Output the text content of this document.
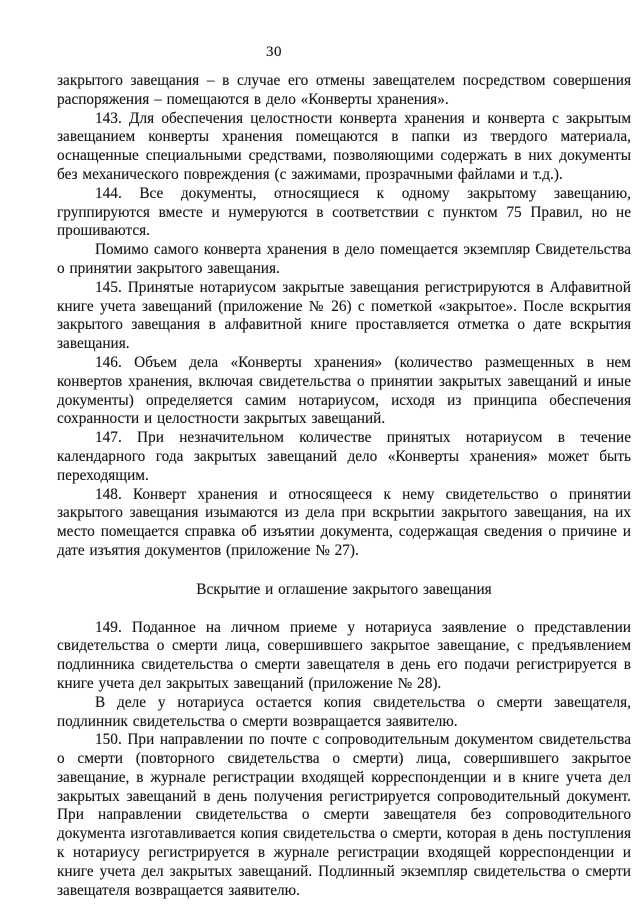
30

закрытого завещания – в случае его отмены завещателем посредством совершения распоряжения – помещаются в дело «Конверты хранения».

143. Для обеспечения целостности конверта хранения и конверта с закрытым завещанием конверты хранения помещаются в папки из твердого материала, оснащенные специальными средствами, позволяющими содержать в них документы без механического повреждения (с зажимами, прозрачными файлами и т.д.).

144. Все документы, относящиеся к одному закрытому завещанию, группируются вместе и нумеруются в соответствии с пунктом 75 Правил, но не прошиваются.

Помимо самого конверта хранения в дело помещается экземпляр Свидетельства о принятии закрытого завещания.

145. Принятые нотариусом закрытые завещания регистрируются в Алфавитной книге учета завещаний (приложение № 26) с пометкой «закрытое». После вскрытия закрытого завещания в алфавитной книге проставляется отметка о дате вскрытия завещания.

146. Объем дела «Конверты хранения» (количество размещенных в нем конвертов хранения, включая свидетельства о принятии закрытых завещаний и иные документы) определяется самим нотариусом, исходя из принципа обеспечения сохранности и целостности закрытых завещаний.

147. При незначительном количестве принятых нотариусом в течение календарного года закрытых завещаний дело «Конверты хранения» может быть переходящим.

148. Конверт хранения и относящееся к нему свидетельство о принятии закрытого завещания изымаются из дела при вскрытии закрытого завещания, на их место помещается справка об изъятии документа, содержащая сведения о причине и дате изъятия документов (приложение № 27).

Вскрытие и оглашение закрытого завещания

149. Поданное на личном приеме у нотариуса заявление о представлении свидетельства о смерти лица, совершившего закрытое завещание, с предъявлением подлинника свидетельства о смерти завещателя в день его подачи регистрируется в книге учета дел закрытых завещаний (приложение № 28).

В деле у нотариуса остается копия свидетельства о смерти завещателя, подлинник свидетельства о смерти возвращается заявителю.

150. При направлении по почте с сопроводительным документом свидетельства о смерти (повторного свидетельства о смерти) лица, совершившего закрытое завещание, в журнале регистрации входящей корреспонденции и в книге учета дел закрытых завещаний в день получения регистрируется сопроводительный документ. При направлении свидетельства о смерти завещателя без сопроводительного документа изготавливается копия свидетельства о смерти, которая в день поступления к нотариусу регистрируется в журнале регистрации входящей корреспонденции и книге учета дел закрытых завещаний. Подлинный экземпляр свидетельства о смерти завещателя возвращается заявителю.
